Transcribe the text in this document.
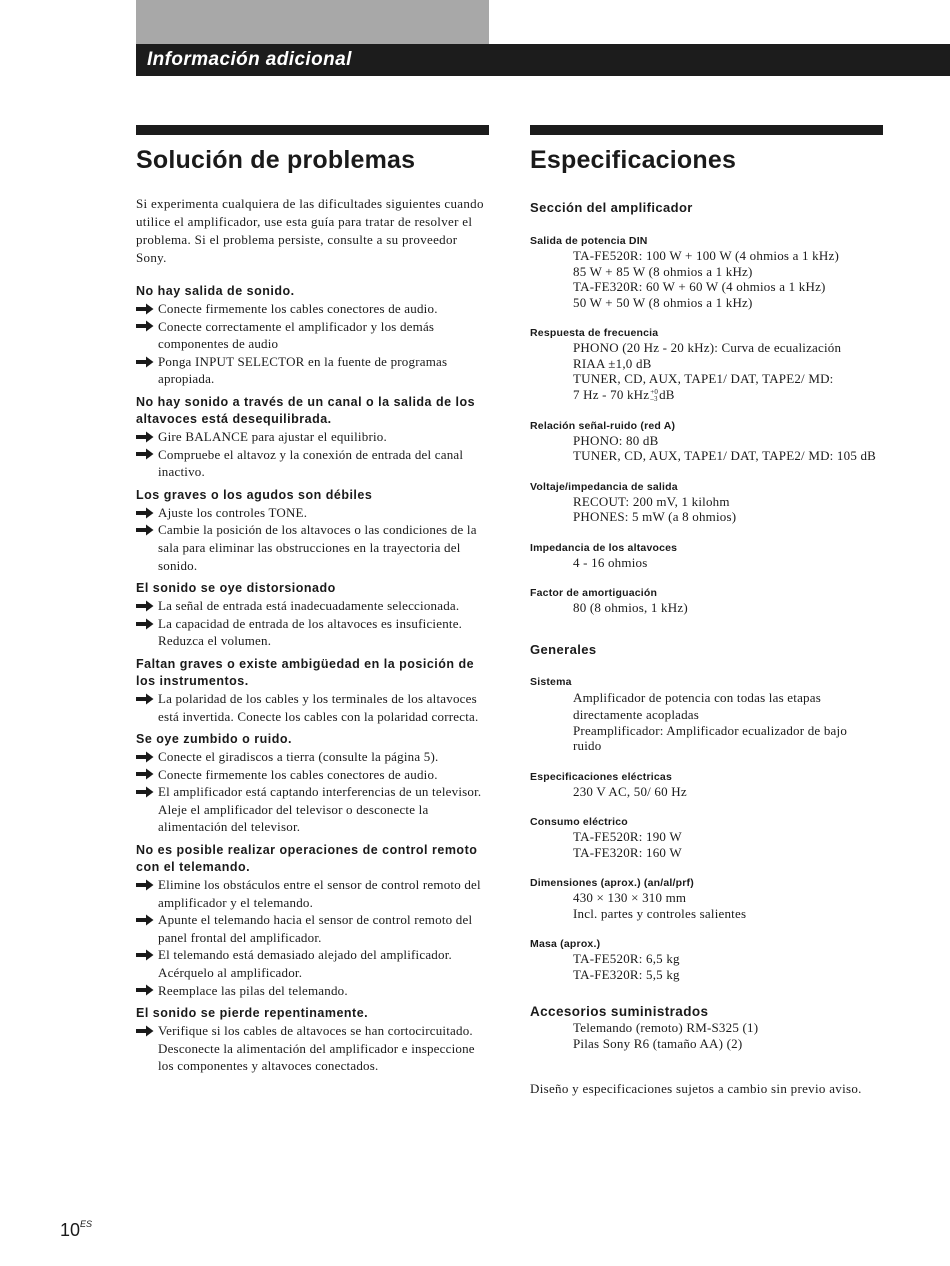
Información adicional
Solución de problemas

Si experimenta cualquiera de las dificultades siguientes cuando utilice el amplificador, use esta guía para tratar de resolver el problema. Si el problema persiste, consulte a su proveedor Sony.

No hay salida de sonido.
Conecte firmemente los cables conectores de audio.
Conecte correctamente el amplificador y los demás componentes de audio
Ponga INPUT SELECTOR en la fuente de programas apropiada.
No hay sonido a través de un canal o la salida de los altavoces está desequilibrada.
Gire BALANCE para ajustar el equilibrio.
Compruebe el altavoz y la conexión de entrada del canal inactivo.
Los graves o los agudos son débiles
Ajuste los controles TONE.
Cambie la posición de los altavoces o las condiciones de la sala para eliminar las obstrucciones en la trayectoria del sonido.
El sonido se oye distorsionado
La señal de entrada está inadecuadamente seleccionada.
La capacidad de entrada de los altavoces es insuficiente. Reduzca el volumen.
Faltan graves o existe ambigüedad en la posición de los instrumentos.
La polaridad de los cables y los terminales de los altavoces está invertida. Conecte los cables con la polaridad correcta.
Se oye zumbido o ruido.
Conecte el giradiscos a tierra (consulte la página 5).
Conecte firmemente los cables conectores de audio.
El amplificador está captando interferencias de un televisor. Aleje el amplificador del televisor o desconecte la alimentación del televisor.
No es posible realizar operaciones de control remoto con el telemando.
Elimine los obstáculos entre el sensor de control remoto del amplificador y el telemando.
Apunte el telemando hacia el sensor de control remoto del panel frontal del amplificador.
El telemando está demasiado alejado del amplificador. Acérquelo al amplificador.
Reemplace las pilas del telemando.
El sonido se pierde repentinamente.
Verifique si los cables de altavoces se han cortocircuitado. Desconecte la alimentación del amplificador e inspeccione los componentes y altavoces conectados.
Especificaciones
Sección del amplificador
Salida de potencia DIN
TA-FE520R: 100 W + 100 W (4 ohmios a 1 kHz)
85 W + 85 W (8 ohmios a 1 kHz)
TA-FE320R: 60 W + 60 W (4 ohmios a 1 kHz)
50 W + 50 W (8 ohmios a 1 kHz)
Respuesta de frecuencia
PHONO (20 Hz - 20 kHz): Curva de ecualización
RIAA ±1,0 dB
TUNER, CD, AUX, TAPE1/ DAT, TAPE2/ MD:
7 Hz - 70 kHz +0
–3 dB
Relación señal-ruido (red A)
PHONO: 80 dB
TUNER, CD, AUX, TAPE1/ DAT, TAPE2/ MD: 105 dB
Voltaje/impedancia de salida
RECOUT: 200 mV, 1 kilohm
PHONES: 5 mW (a 8 ohmios)
Impedancia de los altavoces
4 - 16 ohmios
Factor de amortiguación
80 (8 ohmios, 1 kHz)
Generales
Sistema
Amplificador de potencia con todas las etapas
directamente acopladas
Preamplificador: Amplificador ecualizador de bajo
ruido
Especificaciones eléctricas
230 V AC, 50/ 60 Hz
Consumo eléctrico
TA-FE520R: 190 W
TA-FE320R: 160 W
Dimensiones (aprox.) (an/al/prf)
430 × 130 × 310 mm
Incl. partes y controles salientes
Masa (aprox.)
TA-FE520R: 6,5 kg
TA-FE320R: 5,5 kg
Accesorios suministrados
Telemando (remoto) RM-S325 (1)
Pilas Sony R6 (tamaño AA) (2)
Diseño y especificaciones sujetos a cambio sin previo aviso.
$10^{ES}$
